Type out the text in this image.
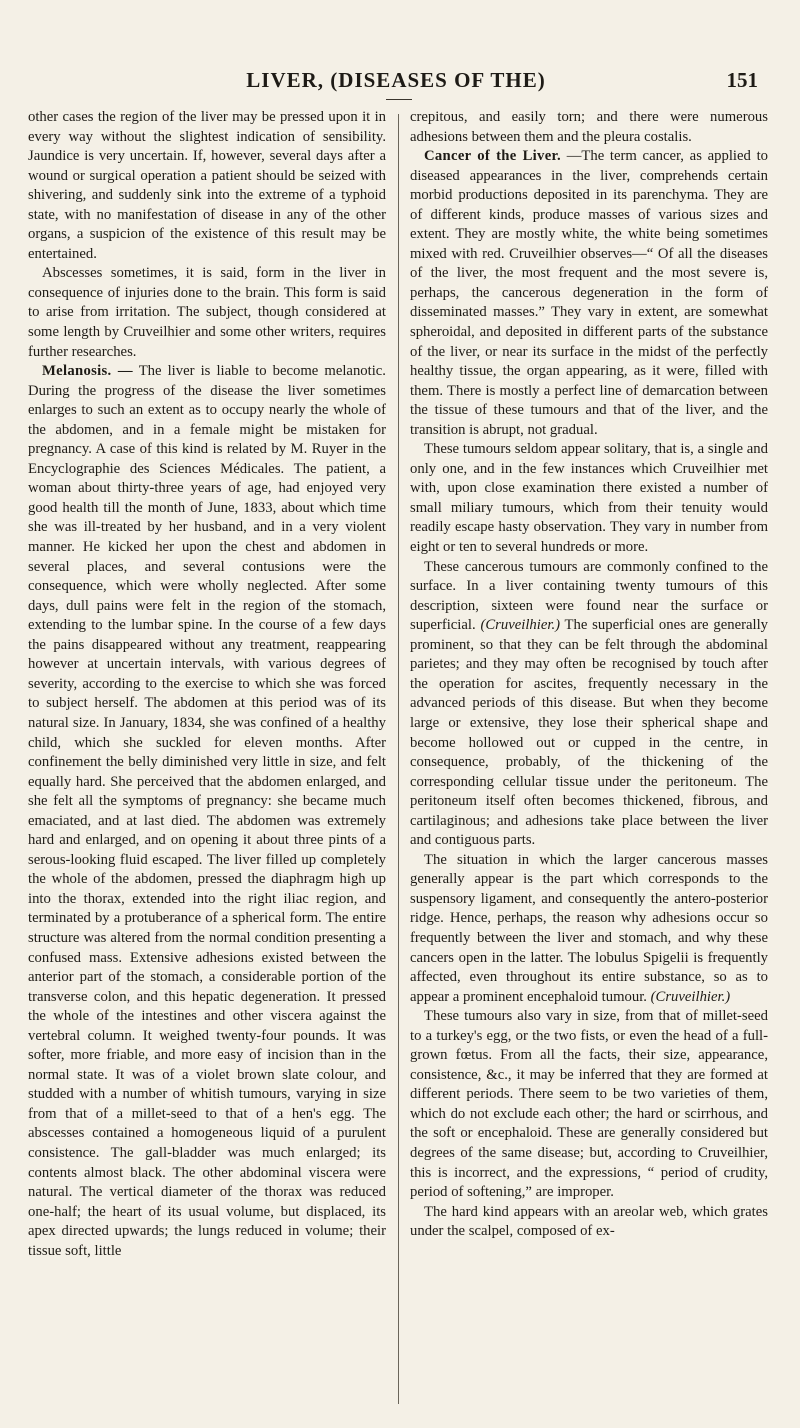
LIVER, (DISEASES OF THE)	151

other cases the region of the liver may be pressed upon it in every way without the slightest indication of sensibility. Jaundice is very uncertain. If, however, several days after a wound or surgical operation a patient should be seized with shivering, and suddenly sink into the extreme of a typhoid state, with no manifestation of disease in any of the other organs, a suspicion of the existence of this result may be entertained.

Abscesses sometimes, it is said, form in the liver in consequence of injuries done to the brain. This form is said to arise from irritation. The subject, though considered at some length by Cruveilhier and some other writers, requires further researches.

Melanosis. — The liver is liable to become melanotic. During the progress of the disease the liver sometimes enlarges to such an extent as to occupy nearly the whole of the abdomen, and in a female might be mistaken for pregnancy. A case of this kind is related by M. Ruyer in the Encyclographie des Sciences Médicales. The patient, a woman about thirty-three years of age, had enjoyed very good health till the month of June, 1833, about which time she was ill-treated by her husband, and in a very violent manner. He kicked her upon the chest and abdomen in several places, and several contusions were the consequence, which were wholly neglected. After some days, dull pains were felt in the region of the stomach, extending to the lumbar spine. In the course of a few days the pains disappeared without any treatment, reappearing however at uncertain intervals, with various degrees of severity, according to the exercise to which she was forced to subject herself. The abdomen at this period was of its natural size. In January, 1834, she was confined of a healthy child, which she suckled for eleven months. After confinement the belly diminished very little in size, and felt equally hard. She perceived that the abdomen enlarged, and she felt all the symptoms of pregnancy: she became much emaciated, and at last died. The abdomen was extremely hard and enlarged, and on opening it about three pints of a serous-looking fluid escaped. The liver filled up completely the whole of the abdomen, pressed the diaphragm high up into the thorax, extended into the right iliac region, and terminated by a protuberance of a spherical form. The entire structure was altered from the normal condition presenting a confused mass. Extensive adhesions existed between the anterior part of the stomach, a considerable portion of the transverse colon, and this hepatic degeneration. It pressed the whole of the intestines and other viscera against the vertebral column. It weighed twenty-four pounds. It was softer, more friable, and more easy of incision than in the normal state. It was of a violet brown slate colour, and studded with a number of whitish tumours, varying in size from that of a millet-seed to that of a hen's egg. The abscesses contained a homogeneous liquid of a purulent consistence. The gall-bladder was much enlarged; its contents almost black. The other abdominal viscera were natural. The vertical diameter of the thorax was reduced one-half; the heart of its usual volume, but displaced, its apex directed upwards; the lungs reduced in volume; their tissue soft, little

crepitous, and easily torn; and there were numerous adhesions between them and the pleura costalis.

Cancer of the Liver. —The term cancer, as applied to diseased appearances in the liver, comprehends certain morbid productions deposited in its parenchyma. They are of different kinds, produce masses of various sizes and extent. They are mostly white, the white being sometimes mixed with red. Cruveilhier observes—“ Of all the diseases of the liver, the most frequent and the most severe is, perhaps, the cancerous degeneration in the form of disseminated masses.” They vary in extent, are somewhat spheroidal, and deposited in different parts of the substance of the liver, or near its surface in the midst of the perfectly healthy tissue, the organ appearing, as it were, filled with them. There is mostly a perfect line of demarcation between the tissue of these tumours and that of the liver, and the transition is abrupt, not gradual.

These tumours seldom appear solitary, that is, a single and only one, and in the few instances which Cruveilhier met with, upon close examination there existed a number of small miliary tumours, which from their tenuity would readily escape hasty observation. They vary in number from eight or ten to several hundreds or more.

These cancerous tumours are commonly confined to the surface. In a liver containing twenty tumours of this description, sixteen were found near the surface or superficial. (Cruveilhier.) The superficial ones are generally prominent, so that they can be felt through the abdominal parietes; and they may often be recognised by touch after the operation for ascites, frequently necessary in the advanced periods of this disease. But when they become large or extensive, they lose their spherical shape and become hollowed out or cupped in the centre, in consequence, probably, of the thickening of the corresponding cellular tissue under the peritoneum. The peritoneum itself often becomes thickened, fibrous, and cartilaginous; and adhesions take place between the liver and contiguous parts.

The situation in which the larger cancerous masses generally appear is the part which corresponds to the suspensory ligament, and consequently the antero-posterior ridge. Hence, perhaps, the reason why adhesions occur so frequently between the liver and stomach, and why these cancers open in the latter. The lobulus Spigelii is frequently affected, even throughout its entire substance, so as to appear a prominent encephaloid tumour. (Cruveilhier.)

These tumours also vary in size, from that of millet-seed to a turkey's egg, or the two fists, or even the head of a full-grown fœtus. From all the facts, their size, appearance, consistence, &c., it may be inferred that they are formed at different periods. There seem to be two varieties of them, which do not exclude each other; the hard or scirrhous, and the soft or encephaloid. These are generally considered but degrees of the same disease; but, according to Cruveilhier, this is incorrect, and the expressions, “ period of crudity, period of softening,” are improper.

The hard kind appears with an areolar web, which grates under the scalpel, composed of ex-
